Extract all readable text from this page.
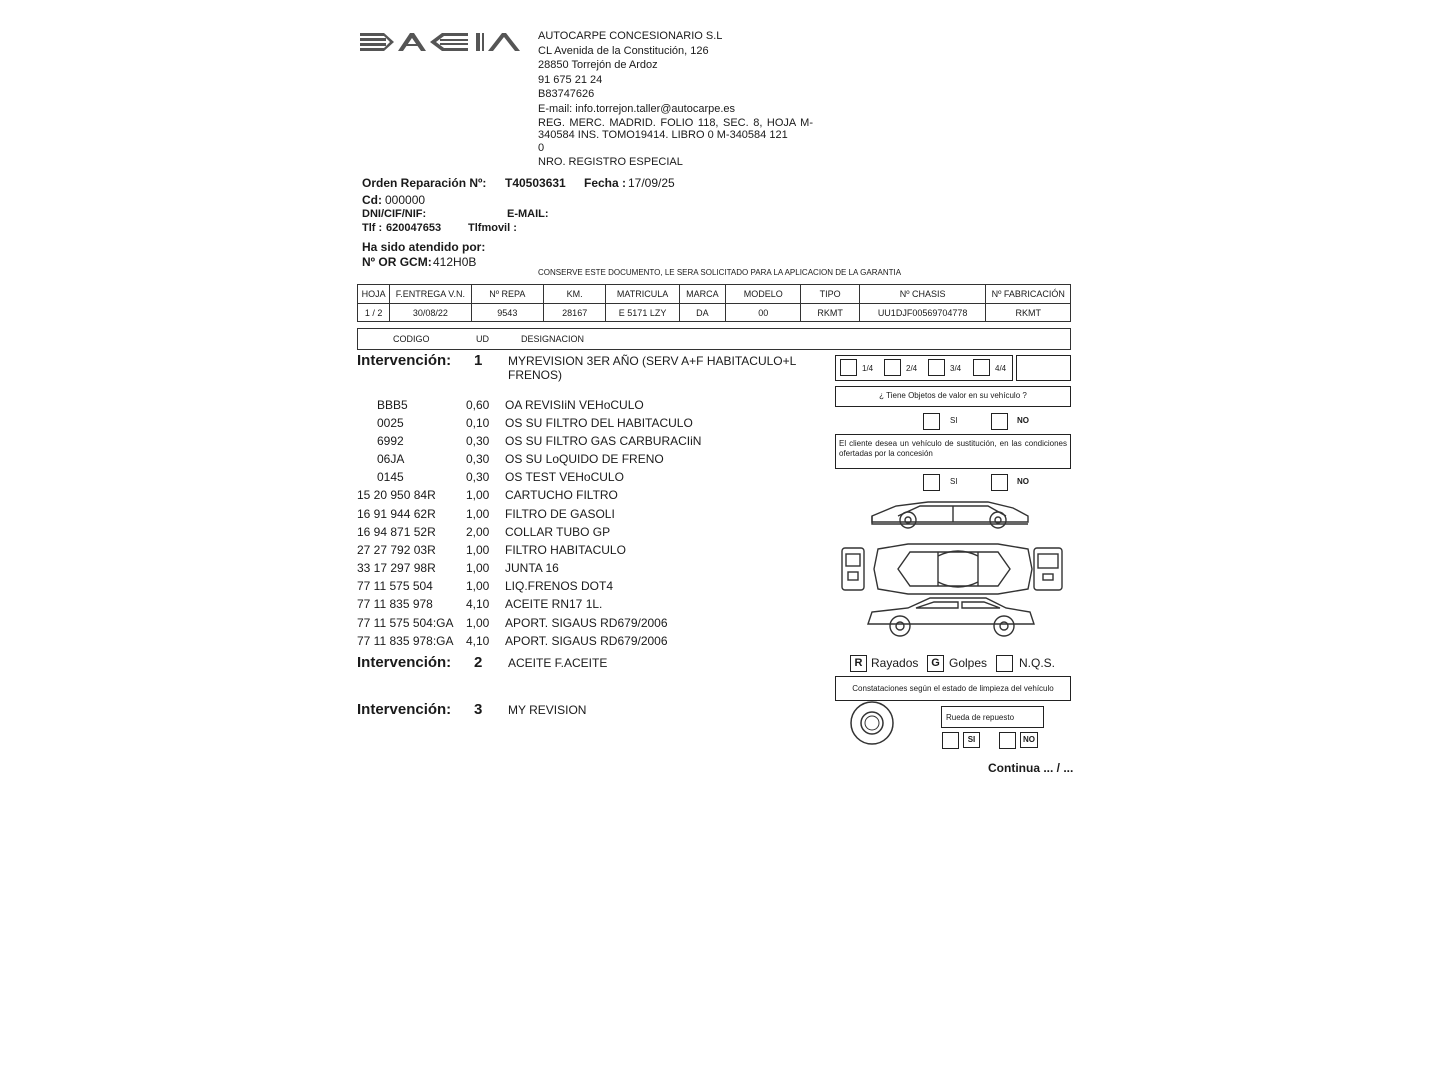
AUTOCARPE CONCESIONARIO S.L
CL Avenida de la Constitución, 126
28850 Torrejón de Ardoz
91 675 21 24
B83747626
E-mail: info.torrejon.taller@autocarpe.es
REG. MERC. MADRID. FOLIO 118, SEC. 8, HOJA M-340584 INS. TOMO19414. LIBRO 0 M-340584 121
0
NRO. REGISTRO ESPECIAL
Orden Reparación Nº: T40503631 Fecha : 17/09/25
Cd: 000000
DNI/CIF/NIF:	E-MAIL:
Tlf : 620047653 Tlfmovil :
Ha sido atendido por:
Nº OR GCM: 412H0B
CONSERVE ESTE DOCUMENTO, LE SERA SOLICITADO PARA LA APLICACION DE LA GARANTIA
HOJA	F.ENTREGA V.N.	Nº REPA	KM.	MATRICULA	MARCA	MODELO	TIPO	Nº CHASIS	Nº FABRICACIÓN
1 / 2	30/08/22	9543	28167	E 5171 LZY	DA	00	RKMT	UU1DJF00569704778	RKMT
CODIGO	UD	DESIGNACION
Intervención: 1 MYREVISION 3ER AÑO (SERV A+F HABITACULO+L
FRENOS)
BBB5	0,60 OA REVISIiN VEHoCULO
0025	0,10 OS SU FILTRO DEL HABITACULO
6992	0,30 OS SU FILTRO GAS CARBURACIiN
06JA	0,30 OS SU LoQUIDO DE FRENO
0145	0,30 OS TEST VEHoCULO
15 20 950 84R	1,00 CARTUCHO FILTRO
16 91 944 62R	1,00 FILTRO DE GASOLI
16 94 871 52R	2,00 COLLAR TUBO GP
27 27 792 03R	1,00 FILTRO HABITACULO
33 17 297 98R	1,00 JUNTA 16
77 11 575 504	1,00 LIQ.FRENOS DOT4
77 11 835 978	4,10 ACEITE RN17 1L.
77 11 575 504:GA 1,00 APORT. SIGAUS RD679/2006
77 11 835 978:GA 4,10 APORT. SIGAUS RD679/2006
Intervención: 2 ACEITE F.ACEITE
Intervención: 3 MY REVISION
1/4	2/4	3/4	4/4
¿ Tiene Objetos de valor en su vehículo ?
SI	NO
El cliente desea un vehículo de sustitución, en las condiciones ofertadas por la concesión
SI	NO
R Rayados	G Golpes	N.Q.S.
Constataciones según el estado de limpieza del vehículo
Rueda de repuesto
SI	NO
Continua ... / ...
